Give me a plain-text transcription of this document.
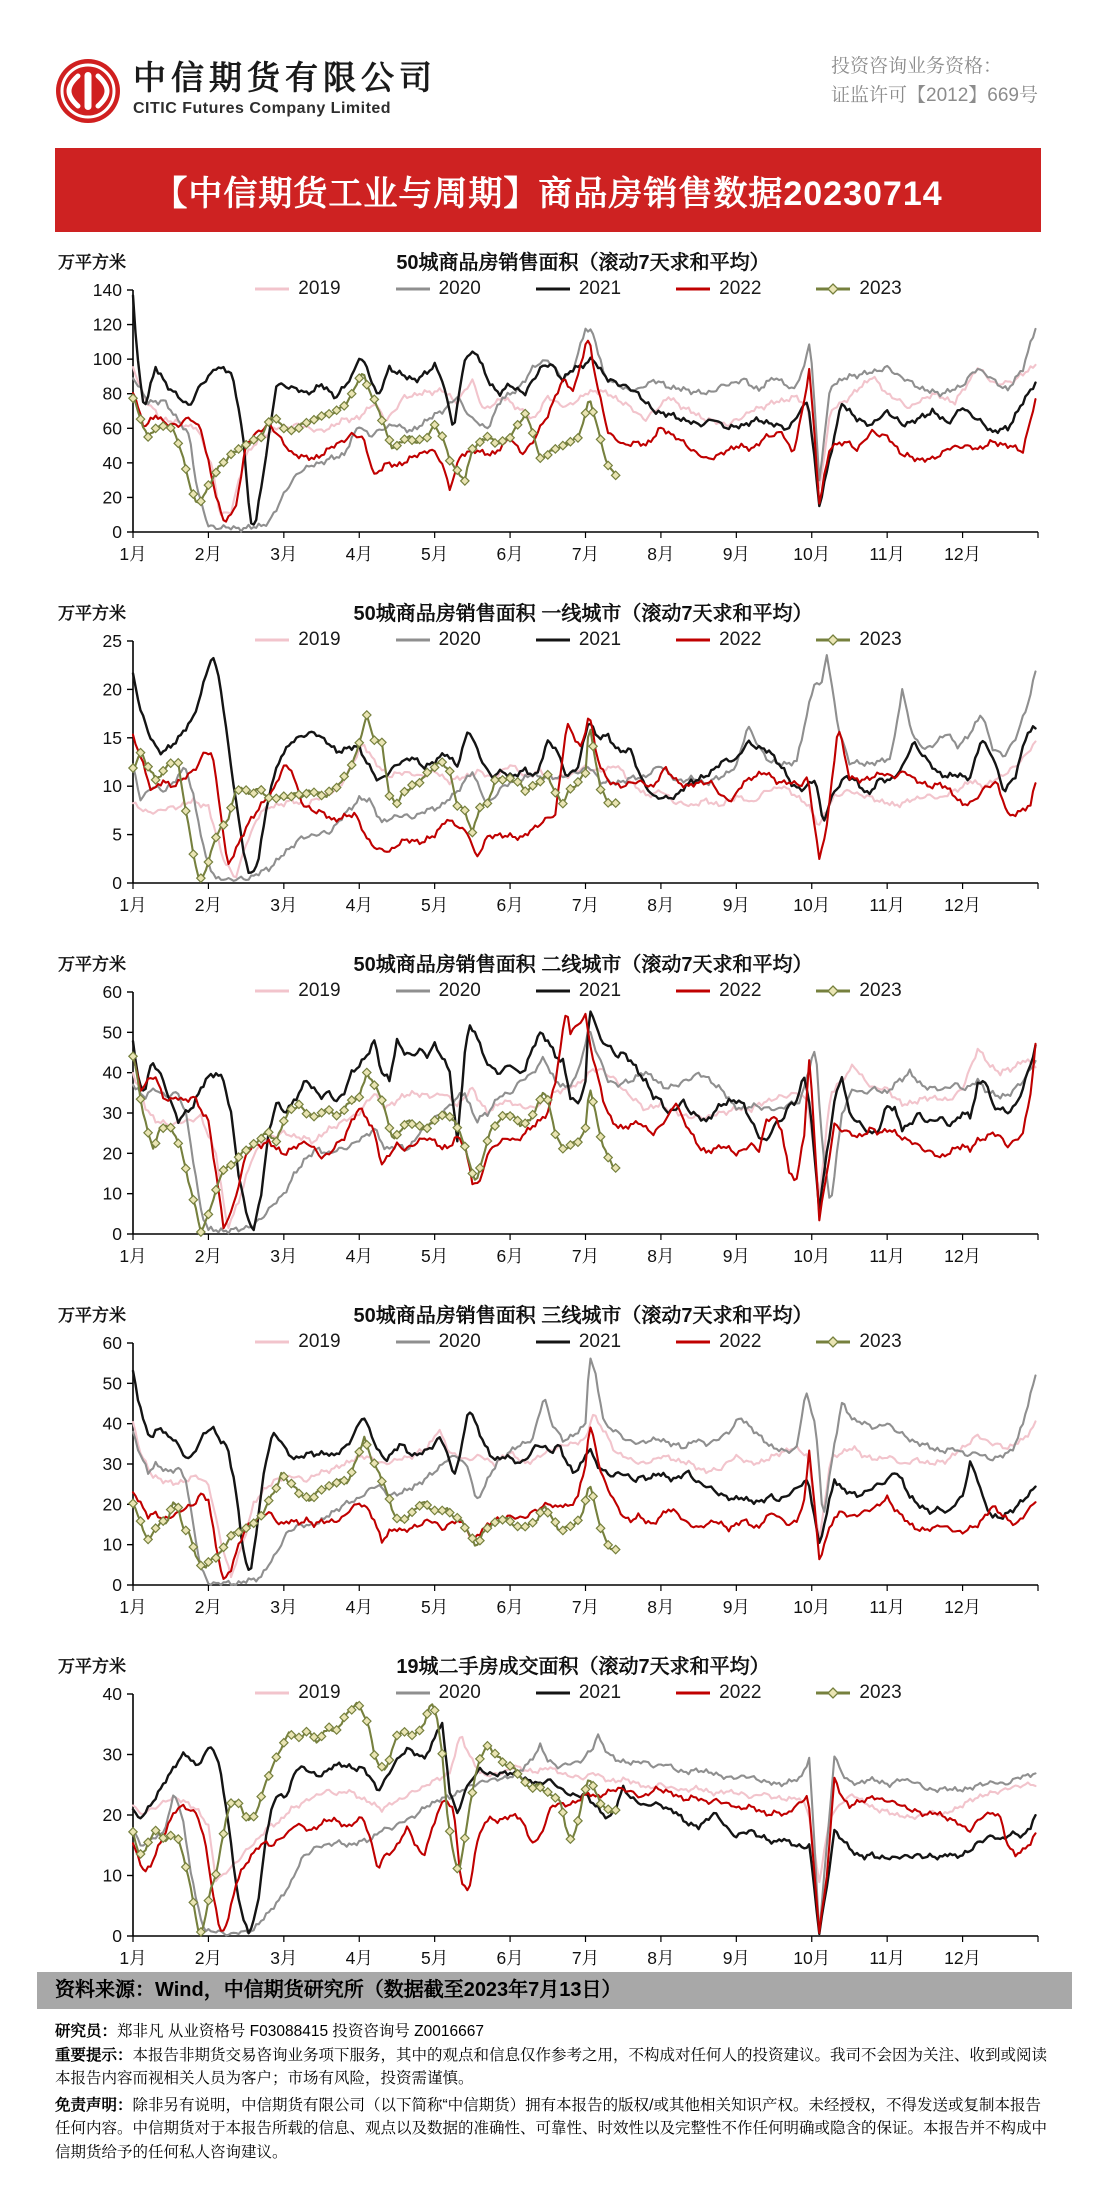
中信期货有限公司
CITIC Futures Company Limited
投资咨询业务资格：
证监许可【2012】669号
【中信期货工业与周期】商品房销售数据20230714
万平方米	50城商品房销售面积（滚动7天求和平均）
2019	2020	2021	2022	2023
0
20
40
60
80
100
120
140
1月	2月	3月	4月	5月	6月	7月	8月	9月 10月 11月 12月
万平方米	50城商品房销售面积 一线城市（滚动7天求和平均）
2019	2020	2021	2022	2023
0
5
10
15
20
25
1月	2月	3月	4月	5月	6月	7月	8月	9月 10月 11月 12月
万平方米	50城商品房销售面积 二线城市（滚动7天求和平均）
2019	2020	2021	2022	2023
0
10
20
30
40
50
60
1月	2月	3月	4月	5月	6月	7月	8月	9月 10月 11月 12月
万平方米	50城商品房销售面积 三线城市（滚动7天求和平均）
2019	2020	2021	2022	2023
0
10
20
30
40
50
60
1月	2月	3月	4月	5月	6月	7月	8月	9月 10月 11月 12月
万平方米	19城二手房成交面积（滚动7天求和平均）
2019	2020	2021	2022	2023
0
10
20
30
40
1月	2月	3月	4月	5月	6月	7月	8月	9月 10月 11月 12月
资料来源：Wind，中信期货研究所（数据截至2023年7月13日）
研究员：郑非凡 从业资格号 F03088415 投资咨询号 Z0016667
重要提示：本报告非期货交易咨询业务项下服务，其中的观点和信息仅作参考之用，不构成对任何人的投资建议。我司不会因为关注、收到或阅读本报告内容而视相关人员为客户；市场有风险，投资需谨慎。
免责声明：除非另有说明，中信期货有限公司（以下简称“中信期货）拥有本报告的版权/或其他相关知识产权。未经授权，不得发送或复制本报告任何内容。中信期货对于本报告所载的信息、观点以及数据的准确性、可靠性、时效性以及完整性不作任何明确或隐含的保证。本报告并不构成中信期货给予的任何私人咨询建议。
